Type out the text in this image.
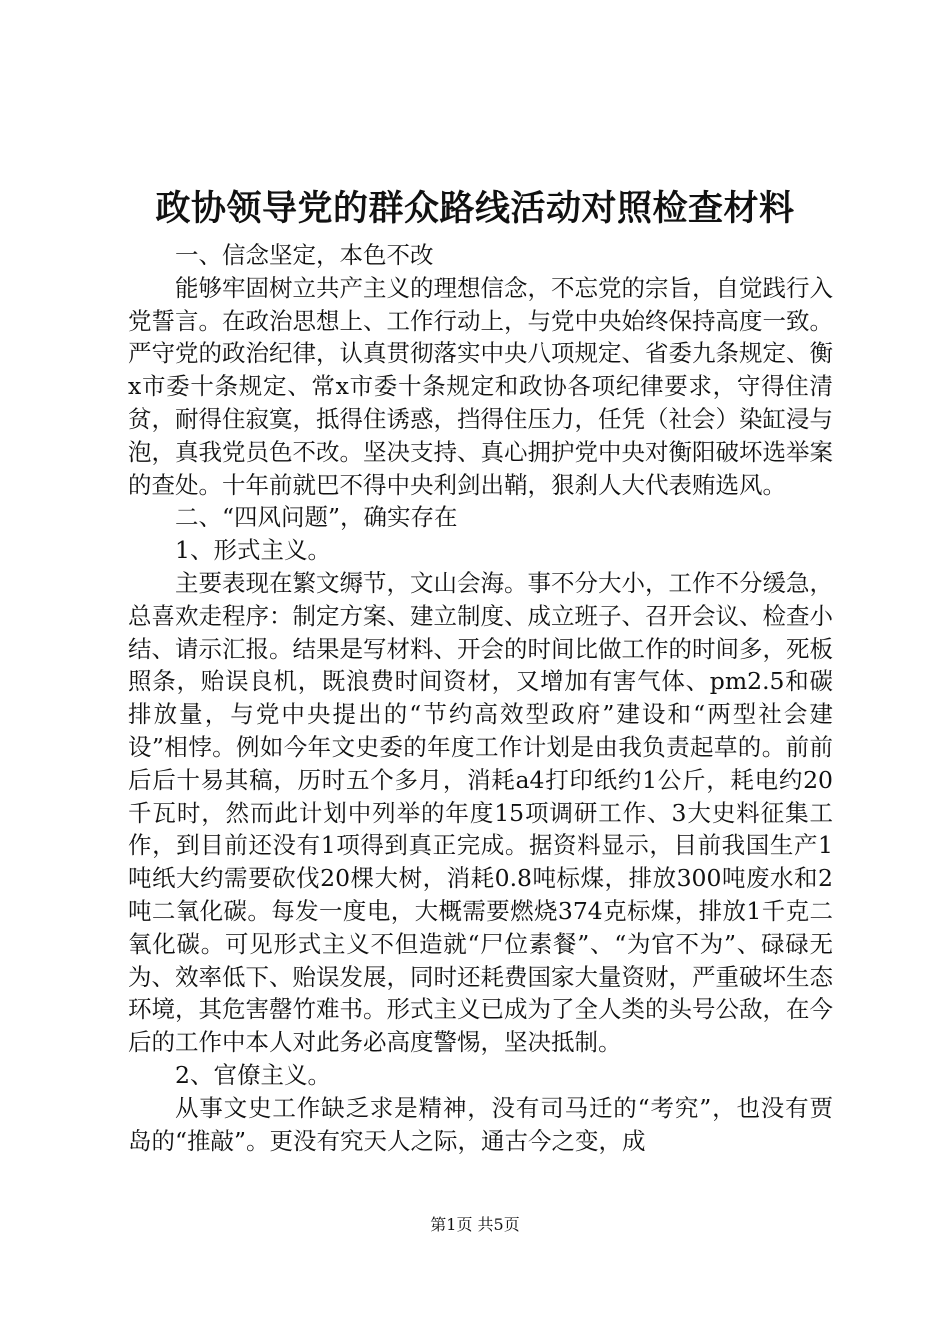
政协领导党的群众路线活动对照检查材料

一、信念坚定，本色不改

能够牢固树立共产主义的理想信念，不忘党的宗旨，自觉践行入党誓言。在政治思想上、工作行动上，与党中央始终保持高度一致。严守党的政治纪律，认真贯彻落实中央八项规定、省委九条规定、衡x市委十条规定、常x市委十条规定和政协各项纪律要求，守得住清贫，耐得住寂寞，抵得住诱惑，挡得住压力，任凭（社会）染缸浸与泡，真我党员色不改。坚决支持、真心拥护党中央对衡阳破坏选举案的查处。十年前就巴不得中央利剑出鞘，狠刹人大代表贿选风。

二、“四风问题”，确实存在

1、形式主义。

主要表现在繁文缛节，文山会海。事不分大小，工作不分缓急，总喜欢走程序：制定方案、建立制度、成立班子、召开会议、检查小结、请示汇报。结果是写材料、开会的时间比做工作的时间多，死板照条，贻误良机，既浪费时间资材，又增加有害气体、pm2.5和碳排放量，与党中央提出的“节约高效型政府”建设和“两型社会建设”相悖。例如今年文史委的年度工作计划是由我负责起草的。前前后后十易其稿，历时五个多月，消耗a4打印纸约1公斤，耗电约20千瓦时，然而此计划中列举的年度15项调研工作、3大史料征集工作，到目前还没有1项得到真正完成。据资料显示，目前我国生产1吨纸大约需要砍伐20棵大树，消耗0.8吨标煤，排放300吨废水和2吨二氧化碳。每发一度电，大概需要燃烧374克标煤，排放1千克二氧化碳。可见形式主义不但造就“尸位素餐”、“为官不为”、碌碌无为、效率低下、贻误发展，同时还耗费国家大量资财，严重破坏生态环境，其危害罄竹难书。形式主义已成为了全人类的头号公敌，在今后的工作中本人对此务必高度警惕，坚决抵制。

2、官僚主义。

从事文史工作缺乏求是精神，没有司马迁的“考究”，也没有贾岛的“推敲”。更没有究天人之际，通古今之变，成

第1页 共5页
